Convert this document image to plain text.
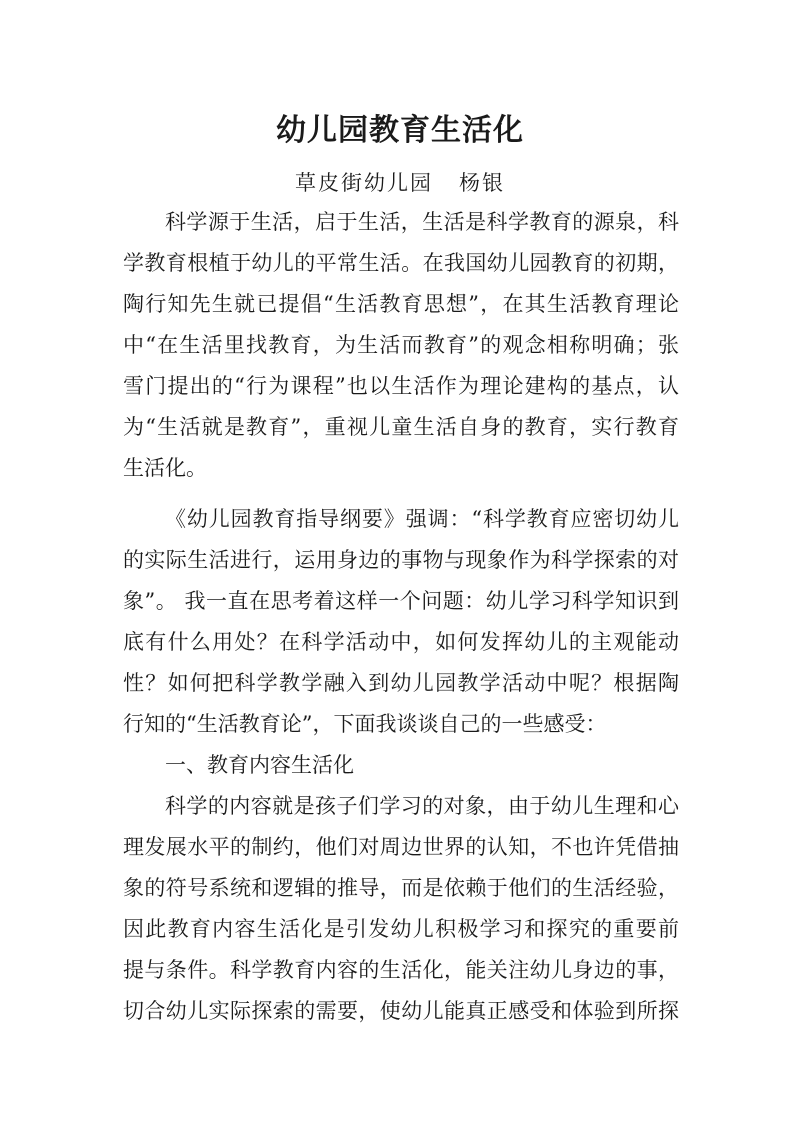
幼儿园教育生活化
草皮街幼儿园 杨银
科学源于生活，启于生活，生活是科学教育的源泉，科
学教育根植于幼儿的平常生活。在我国幼儿园教育的初期，
陶行知先生就已提倡“生活教育思想”，在其生活教育理论
中“在生活里找教育，为生活而教育”的观念相称明确；张
雪门提出的“行为课程”也以生活作为理论建构的基点，认
为“生活就是教育”，重视儿童生活自身的教育，实行教育
生活化。
《幼儿园教育指导纲要》强调：“科学教育应密切幼儿
的实际生活进行，运用身边的事物与现象作为科学探索的对
象”。 我一直在思考着这样一个问题：幼儿学习科学知识到
底有什么用处？在科学活动中，如何发挥幼儿的主观能动
性？如何把科学教学融入到幼儿园教学活动中呢？根据陶
行知的“生活教育论”，下面我谈谈自己的一些感受：
一、教育内容生活化
科学的内容就是孩子们学习的对象，由于幼儿生理和心
理发展水平的制约，他们对周边世界的认知，不也许凭借抽
象的符号系统和逻辑的推导，而是依赖于他们的生活经验，
因此教育内容生活化是引发幼儿积极学习和探究的重要前
提与条件。科学教育内容的生活化，能关注幼儿身边的事，
切合幼儿实际探索的需要，使幼儿能真正感受和体验到所探
